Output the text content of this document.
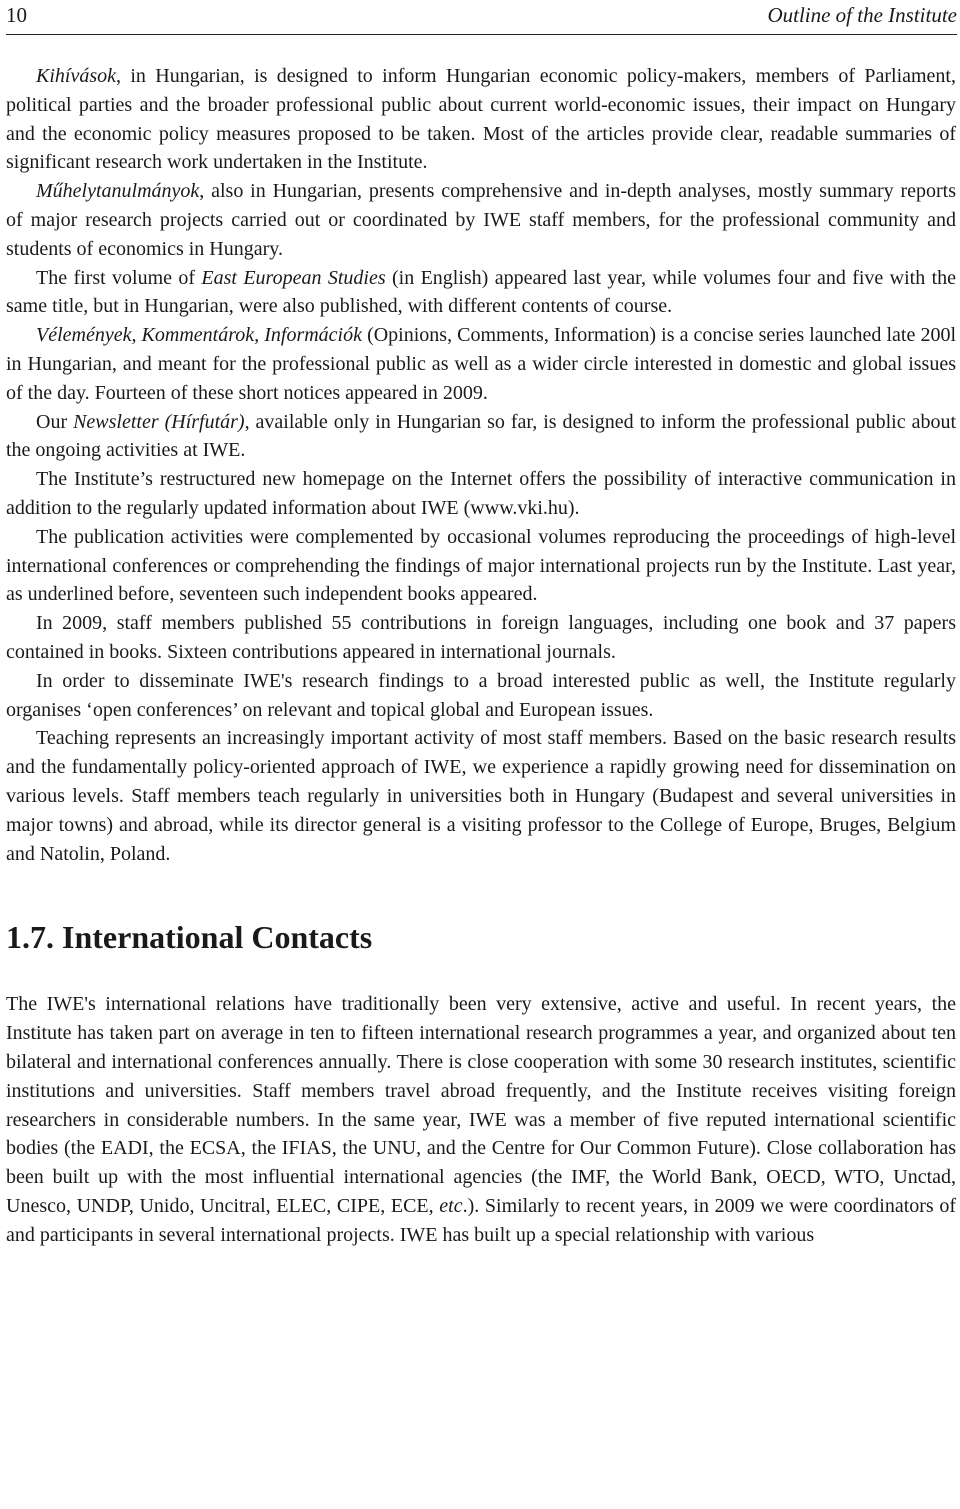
10	Outline of the Institute

Kihívások, in Hungarian, is designed to inform Hungarian economic policy-makers, members of Parliament, political parties and the broader professional public about current world-economic issues, their impact on Hungary and the economic policy measures proposed to be taken. Most of the articles provide clear, readable summaries of significant research work undertaken in the Institute.

Műhelytanulmányok, also in Hungarian, presents comprehensive and in-depth analyses, mostly summary reports of major research projects carried out or coordinated by IWE staff members, for the professional community and students of economics in Hungary.

The first volume of East European Studies (in English) appeared last year, while volumes four and five with the same title, but in Hungarian, were also published, with different contents of course.

Vélemények, Kommentárok, Információk (Opinions, Comments, Information) is a concise series launched late 200l in Hungarian, and meant for the professional public as well as a wider circle interested in domestic and global issues of the day. Fourteen of these short notices appeared in 2009.

Our Newsletter (Hírfutár), available only in Hungarian so far, is designed to inform the professional public about the ongoing activities at IWE.

The Institute’s restructured new homepage on the Internet offers the possibility of interactive communication in addition to the regularly updated information about IWE (www.vki.hu).

The publication activities were complemented by occasional volumes reproducing the proceedings of high-level international conferences or comprehending the findings of major international projects run by the Institute. Last year, as underlined before, seventeen such independent books appeared.

In 2009, staff members published 55 contributions in foreign languages, including one book and 37 papers contained in books. Sixteen contributions appeared in international journals.

In order to disseminate IWE's research findings to a broad interested public as well, the Institute regularly organises ‘open conferences’ on relevant and topical global and European issues.

Teaching represents an increasingly important activity of most staff members. Based on the basic research results and the fundamentally policy-oriented approach of IWE, we experience a rapidly growing need for dissemination on various levels. Staff members teach regularly in universities both in Hungary (Budapest and several universities in major towns) and abroad, while its director general is a visiting professor to the College of Europe, Bruges, Belgium and Natolin, Poland.

1.7. International Contacts

The IWE's international relations have traditionally been very extensive, active and useful. In recent years, the Institute has taken part on average in ten to fifteen international research programmes a year, and organized about ten bilateral and international conferences annually. There is close cooperation with some 30 research institutes, scientific institutions and universities. Staff members travel abroad frequently, and the Institute receives visiting foreign researchers in considerable numbers. In the same year, IWE was a member of five reputed international scientific bodies (the EADI, the ECSA, the IFIAS, the UNU, and the Centre for Our Common Future). Close collaboration has been built up with the most influential international agencies (the IMF, the World Bank, OECD, WTO, Unctad, Unesco, UNDP, Unido, Uncitral, ELEC, CIPE, ECE, etc.). Similarly to recent years, in 2009 we were coordinators of and participants in several international projects. IWE has built up a special relationship with various
